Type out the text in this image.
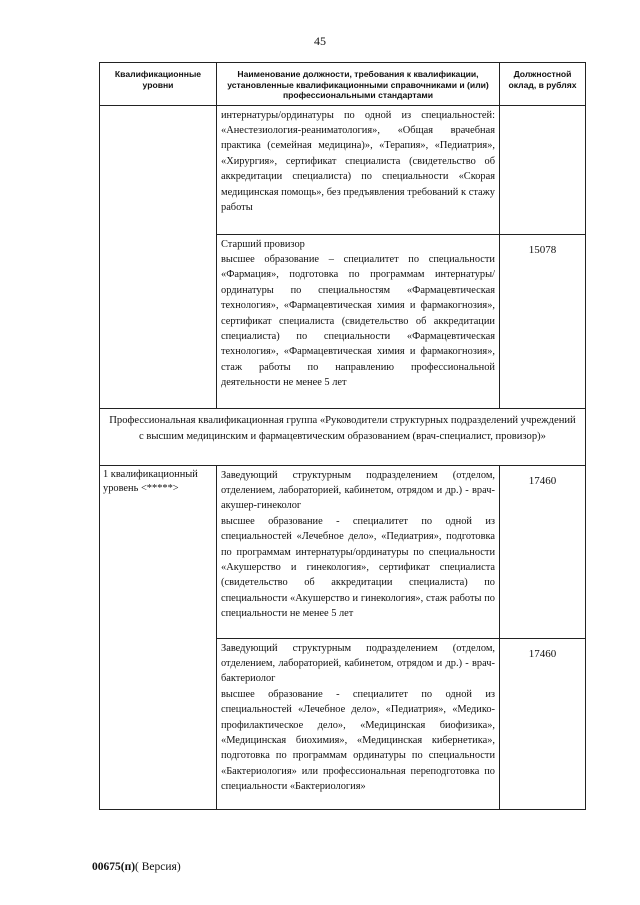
45
Квалификационные уровни	Наименование должности, требования к квалификации, установленные квалификационными справочниками и (или) профессиональными стандартами	Должностной оклад, в рублях

	интернатуры/ординатуры по одной из специальностей: «Анестезиология-реаниматология», «Общая врачебная практика (семейная медицина)», «Терапия», «Педиатрия», «Хирургия», сертификат специалиста (свидетельство об аккредитации специалиста) по специальности «Скорая медицинская помощь», без предъявления требований к стажу работы	

	Старший провизор
высшее образование – специалитет по специальности «Фармация», подготовка по программам интернатуры/ординатуры по специальностям «Фармацевтическая технология», «Фармацевтическая химия и фармакогнозия», сертификат специалиста (свидетельство об аккредитации специалиста) по специальности «Фармацевтическая технология», «Фармацевтическая химия и фармакогнозия», стаж работы по направлению профессиональной деятельности не менее 5 лет	15078

Профессиональная квалификационная группа «Руководители структурных подразделений учреждений с высшим медицинским и фармацевтическим образованием (врач-специалист, провизор)»		

1 квалификационный уровень <*****>	Заведующий структурным подразделением (отделом, отделением, лабораторией, кабинетом, отрядом и др.) - врач-акушер-гинеколог
высшее образование - специалитет по одной из специальностей «Лечебное дело», «Педиатрия», подготовка по программам интернатуры/ординатуры по специальности «Акушерство и гинекология», сертификат специалиста (свидетельство об аккредитации специалиста) по специальности «Акушерство и гинекология», стаж работы по специальности не менее 5 лет	17460

	Заведующий структурным подразделением (отделом, отделением, лабораторией, кабинетом, отрядом и др.) - врач-бактериолог
высшее образование - специалитет по одной из специальностей «Лечебное дело», «Педиатрия», «Медико-профилактическое дело», «Медицинская биофизика», «Медицинская биохимия», «Медицинская кибернетика», подготовка по программам ординатуры по специальности «Бактериология» или профессиональная переподготовка по специальности «Бактериология»	17460
00675(п)( Версия)
